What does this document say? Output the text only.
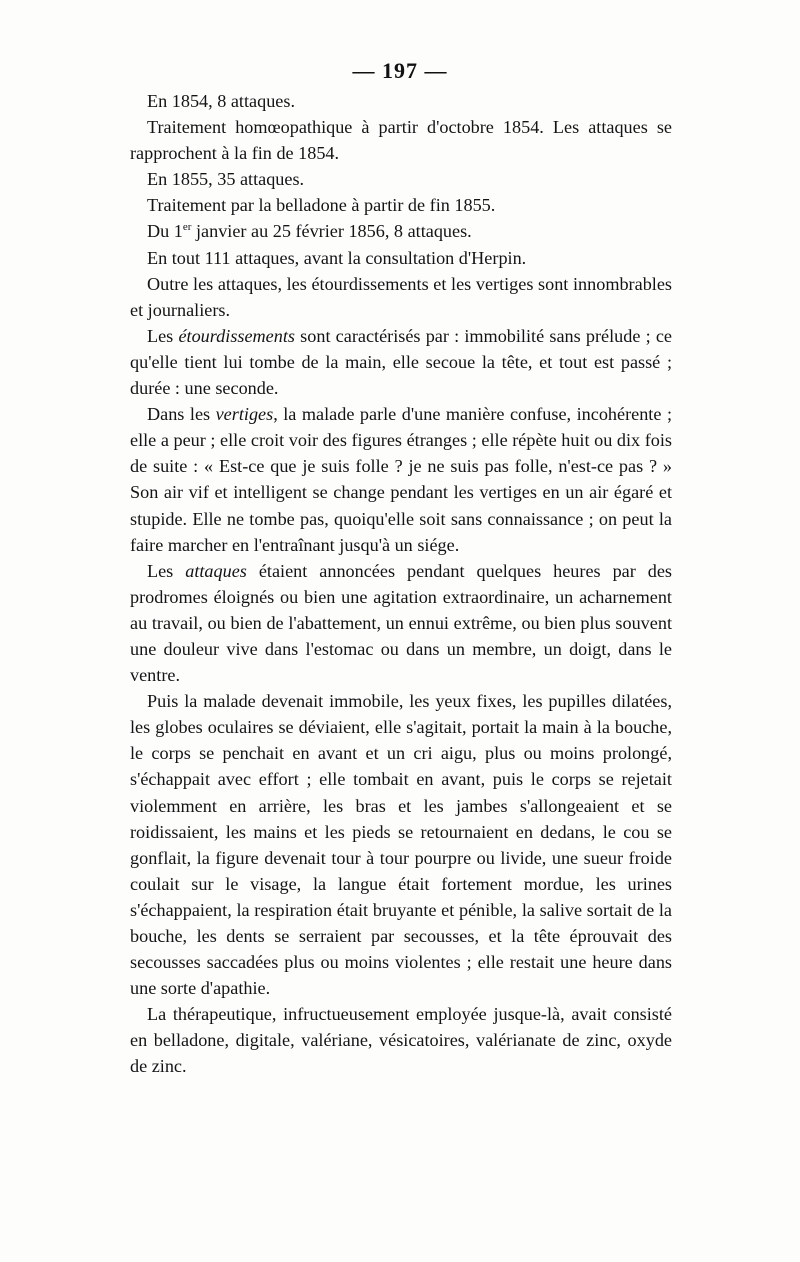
— 197 —

En 1854, 8 attaques.

Traitement homœopathique à partir d'octobre 1854. Les attaques se rapprochent à la fin de 1854.

En 1855, 35 attaques.

Traitement par la belladone à partir de fin 1855.

Du 1er janvier au 25 février 1856, 8 attaques.

En tout 111 attaques, avant la consultation d'Herpin.

Outre les attaques, les étourdissements et les vertiges sont innombrables et journaliers.

Les étourdissements sont caractérisés par : immobilité sans prélude ; ce qu'elle tient lui tombe de la main, elle secoue la tête, et tout est passé ; durée : une seconde.

Dans les vertiges, la malade parle d'une manière confuse, incohérente ; elle a peur ; elle croit voir des figures étranges ; elle répète huit ou dix fois de suite : « Est-ce que je suis folle ? je ne suis pas folle, n'est-ce pas ? » Son air vif et intelligent se change pendant les vertiges en un air égaré et stupide. Elle ne tombe pas, quoiqu'elle soit sans connaissance ; on peut la faire marcher en l'entraînant jusqu'à un siége.

Les attaques étaient annoncées pendant quelques heures par des prodromes éloignés ou bien une agitation extraordinaire, un acharnement au travail, ou bien de l'abattement, un ennui extrême, ou bien plus souvent une douleur vive dans l'estomac ou dans un membre, un doigt, dans le ventre.

Puis la malade devenait immobile, les yeux fixes, les pupilles dilatées, les globes oculaires se déviaient, elle s'agitait, portait la main à la bouche, le corps se penchait en avant et un cri aigu, plus ou moins prolongé, s'échappait avec effort ; elle tombait en avant, puis le corps se rejetait violemment en arrière, les bras et les jambes s'allongeaient et se roidissaient, les mains et les pieds se retournaient en dedans, le cou se gonflait, la figure devenait tour à tour pourpre ou livide, une sueur froide coulait sur le visage, la langue était fortement mordue, les urines s'échappaient, la respiration était bruyante et pénible, la salive sortait de la bouche, les dents se serraient par secousses, et la tête éprouvait des secousses saccadées plus ou moins violentes ; elle restait une heure dans une sorte d'apathie.

La thérapeutique, infructueusement employée jusque-là, avait consisté en belladone, digitale, valériane, vésicatoires, valérianate de zinc, oxyde de zinc.
